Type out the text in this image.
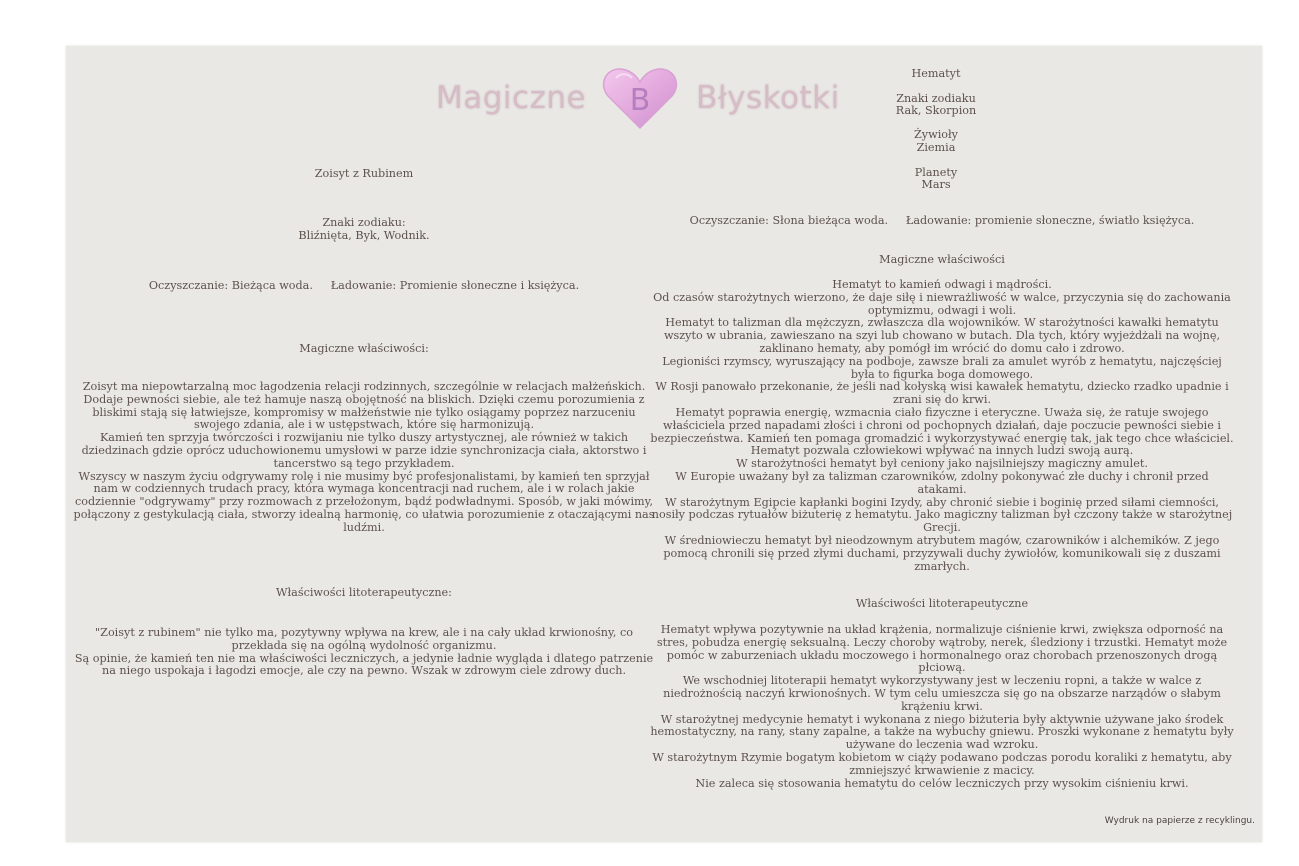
Magiczne B Błyskotki
Zoisyt z Rubinem
Znaki zodiaku:
Bliźnięta, Byk, Wodnik.
Oczyszczanie: Bieżąca woda. Ładowanie: Promienie słoneczne i księżyca.
Magiczne właściwości:

Zoisyt ma niepowtarzalną moc łagodzenia relacji rodzinnych, szczególnie w relacjach małżeńskich. Dodaje pewności siebie, ale też hamuje naszą obojętność na bliskich. Dzięki czemu porozumienia z bliskimi stają się łatwiejsze, kompromisy w małżeństwie nie tylko osiągamy poprzez narzuceniu swojego zdania, ale i w ustępstwach, które się harmonizują.

Kamień ten sprzyja twórczości i rozwijaniu nie tylko duszy artystycznej, ale również w takich dziedzinach gdzie oprócz uduchowionemu umysłowi w parze idzie synchronizacja ciała, aktorstwo i tancerstwo są tego przykładem.

Wszyscy w naszym życiu odgrywamy rolę i nie musimy być profesjonalistami, by kamień ten sprzyjał nam w codziennych trudach pracy, która wymaga koncentracji nad ruchem, ale i w rolach jakie codziennie "odgrywamy" przy rozmowach z przełożonym, bądź podwładnymi. Sposób, w jaki mówimy, połączony z gestykulacją ciała, stworzy idealną harmonię, co ułatwia porozumienie z otaczającymi nas ludźmi.

Właściwości litoterapeutyczne:

"Zoisyt z rubinem" nie tylko ma, pozytywny wpływa na krew, ale i na cały układ krwionośny, co przekłada się na ogólną wydolność organizmu.

Są opinie, że kamień ten nie ma właściwości leczniczych, a jedynie ładnie wygląda i dlatego patrzenie na niego uspokaja i łagodzi emocje, ale czy na pewno. Wszak w zdrowym ciele zdrowy duch.

Hematyt
Znaki zodiaku
Rak, Skorpion
Żywioły
Ziemia
Planety
Mars
Oczyszczanie: Słona bieżąca woda. Ładowanie: promienie słoneczne, światło księżyca.
Magiczne właściwości

Hematyt to kamień odwagi i mądrości.

Od czasów starożytnych wierzono, że daje siłę i niewrażliwość w walce, przyczynia się do zachowania optymizmu, odwagi i woli.

Hematyt to talizman dla mężczyzn, zwłaszcza dla wojowników. W starożytności kawałki hematytu wszyto w ubrania, zawieszano na szyi lub chowano w butach. Dla tych, który wyjeżdżali na wojnę, zaklinano hematy, aby pomógł im wrócić do domu cało i zdrowo.

Legioniści rzymscy, wyruszający na podboje, zawsze brali za amulet wyrób z hematytu, najczęściej była to figurka boga domowego.

W Rosji panowało przekonanie, że jeśli nad kołyską wisi kawałek hematytu, dziecko rzadko upadnie i zrani się do krwi.

Hematyt poprawia energię, wzmacnia ciało fizyczne i eteryczne. Uważa się, że ratuje swojego właściciela przed napadami złości i chroni od pochopnych działań, daje poczucie pewności siebie i bezpieczeństwa. Kamień ten pomaga gromadzić i wykorzystywać energię tak, jak tego chce właściciel. Hematyt pozwala człowiekowi wpływać na innych ludzi swoją aurą.

W starożytności hematyt był ceniony jako najsilniejszy magiczny amulet.

W Europie uważany był za talizman czarowników, zdolny pokonywać złe duchy i chronił przed atakami.

W starożytnym Egipcie kapłanki bogini Izydy, aby chronić siebie i boginię przed siłami ciemności, nosiły podczas rytuałów biżuterię z hematytu. Jako magiczny talizman był czczony także w starożytnej Grecji.

W średniowieczu hematyt był nieodzownym atrybutem magów, czarowników i alchemików. Z jego pomocą chronili się przed złymi duchami, przyzywali duchy żywiołów, komunikowali się z duszami zmarłych.

Właściwości litoterapeutyczne

Hematyt wpływa pozytywnie na układ krążenia, normalizuje ciśnienie krwi, zwiększa odporność na stres, pobudza energię seksualną. Leczy choroby wątroby, nerek, śledziony i trzustki. Hematyt może pomóc w zaburzeniach układu moczowego i hormonalnego oraz chorobach przenoszonych drogą płciową.

We wschodniej litoterapii hematyt wykorzystywany jest w leczeniu ropni, a także w walce z niedrożnością naczyń krwionośnych. W tym celu umieszcza się go na obszarze narządów o słabym krążeniu krwi.

W starożytnej medycynie hematyt i wykonana z niego biżuteria były aktywnie używane jako środek hemostatyczny, na rany, stany zapalne, a także na wybuchy gniewu. Proszki wykonane z hematytu były używane do leczenia wad wzroku.

W starożytnym Rzymie bogatym kobietom w ciąży podawano podczas porodu koraliki z hematytu, aby zmniejszyć krwawienie z macicy.

Nie zaleca się stosowania hematytu do celów leczniczych przy wysokim ciśnieniu krwi.

Wydruk na papierze z recyklingu.
